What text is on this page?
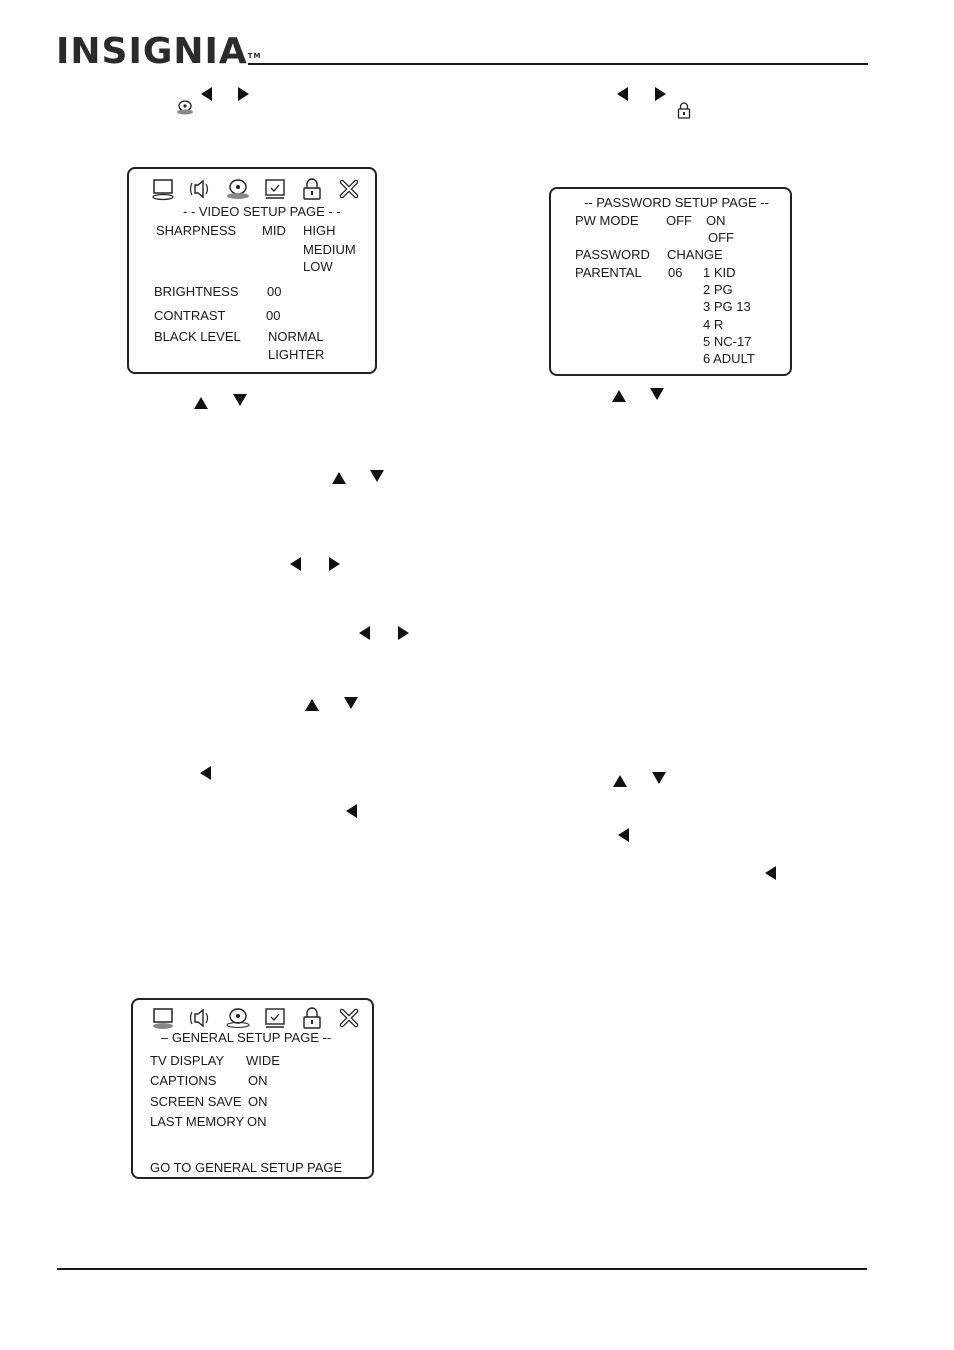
INSIGNIA™
- - VIDEO SETUP PAGE - -
SHARPNESS MID HIGH
MEDIUM
LOW
BRIGHTNESS 00
CONTRAST	00
BLACK LEVEL NORMAL
LIGHTER
-- PASSWORD SETUP PAGE --
PW MODE OFF ON
OFF
PASSWORD CHANGE
PARENTAL 06 1 KID
2 PG
3 PG 13
4 R
5 NC-17
6 ADULT
– GENERAL SETUP PAGE --
TV DISPLAY WIDE
CAPTIONS ON
SCREEN SAVE ON
LAST MEMORY ON
GO TO GENERAL SETUP PAGE
